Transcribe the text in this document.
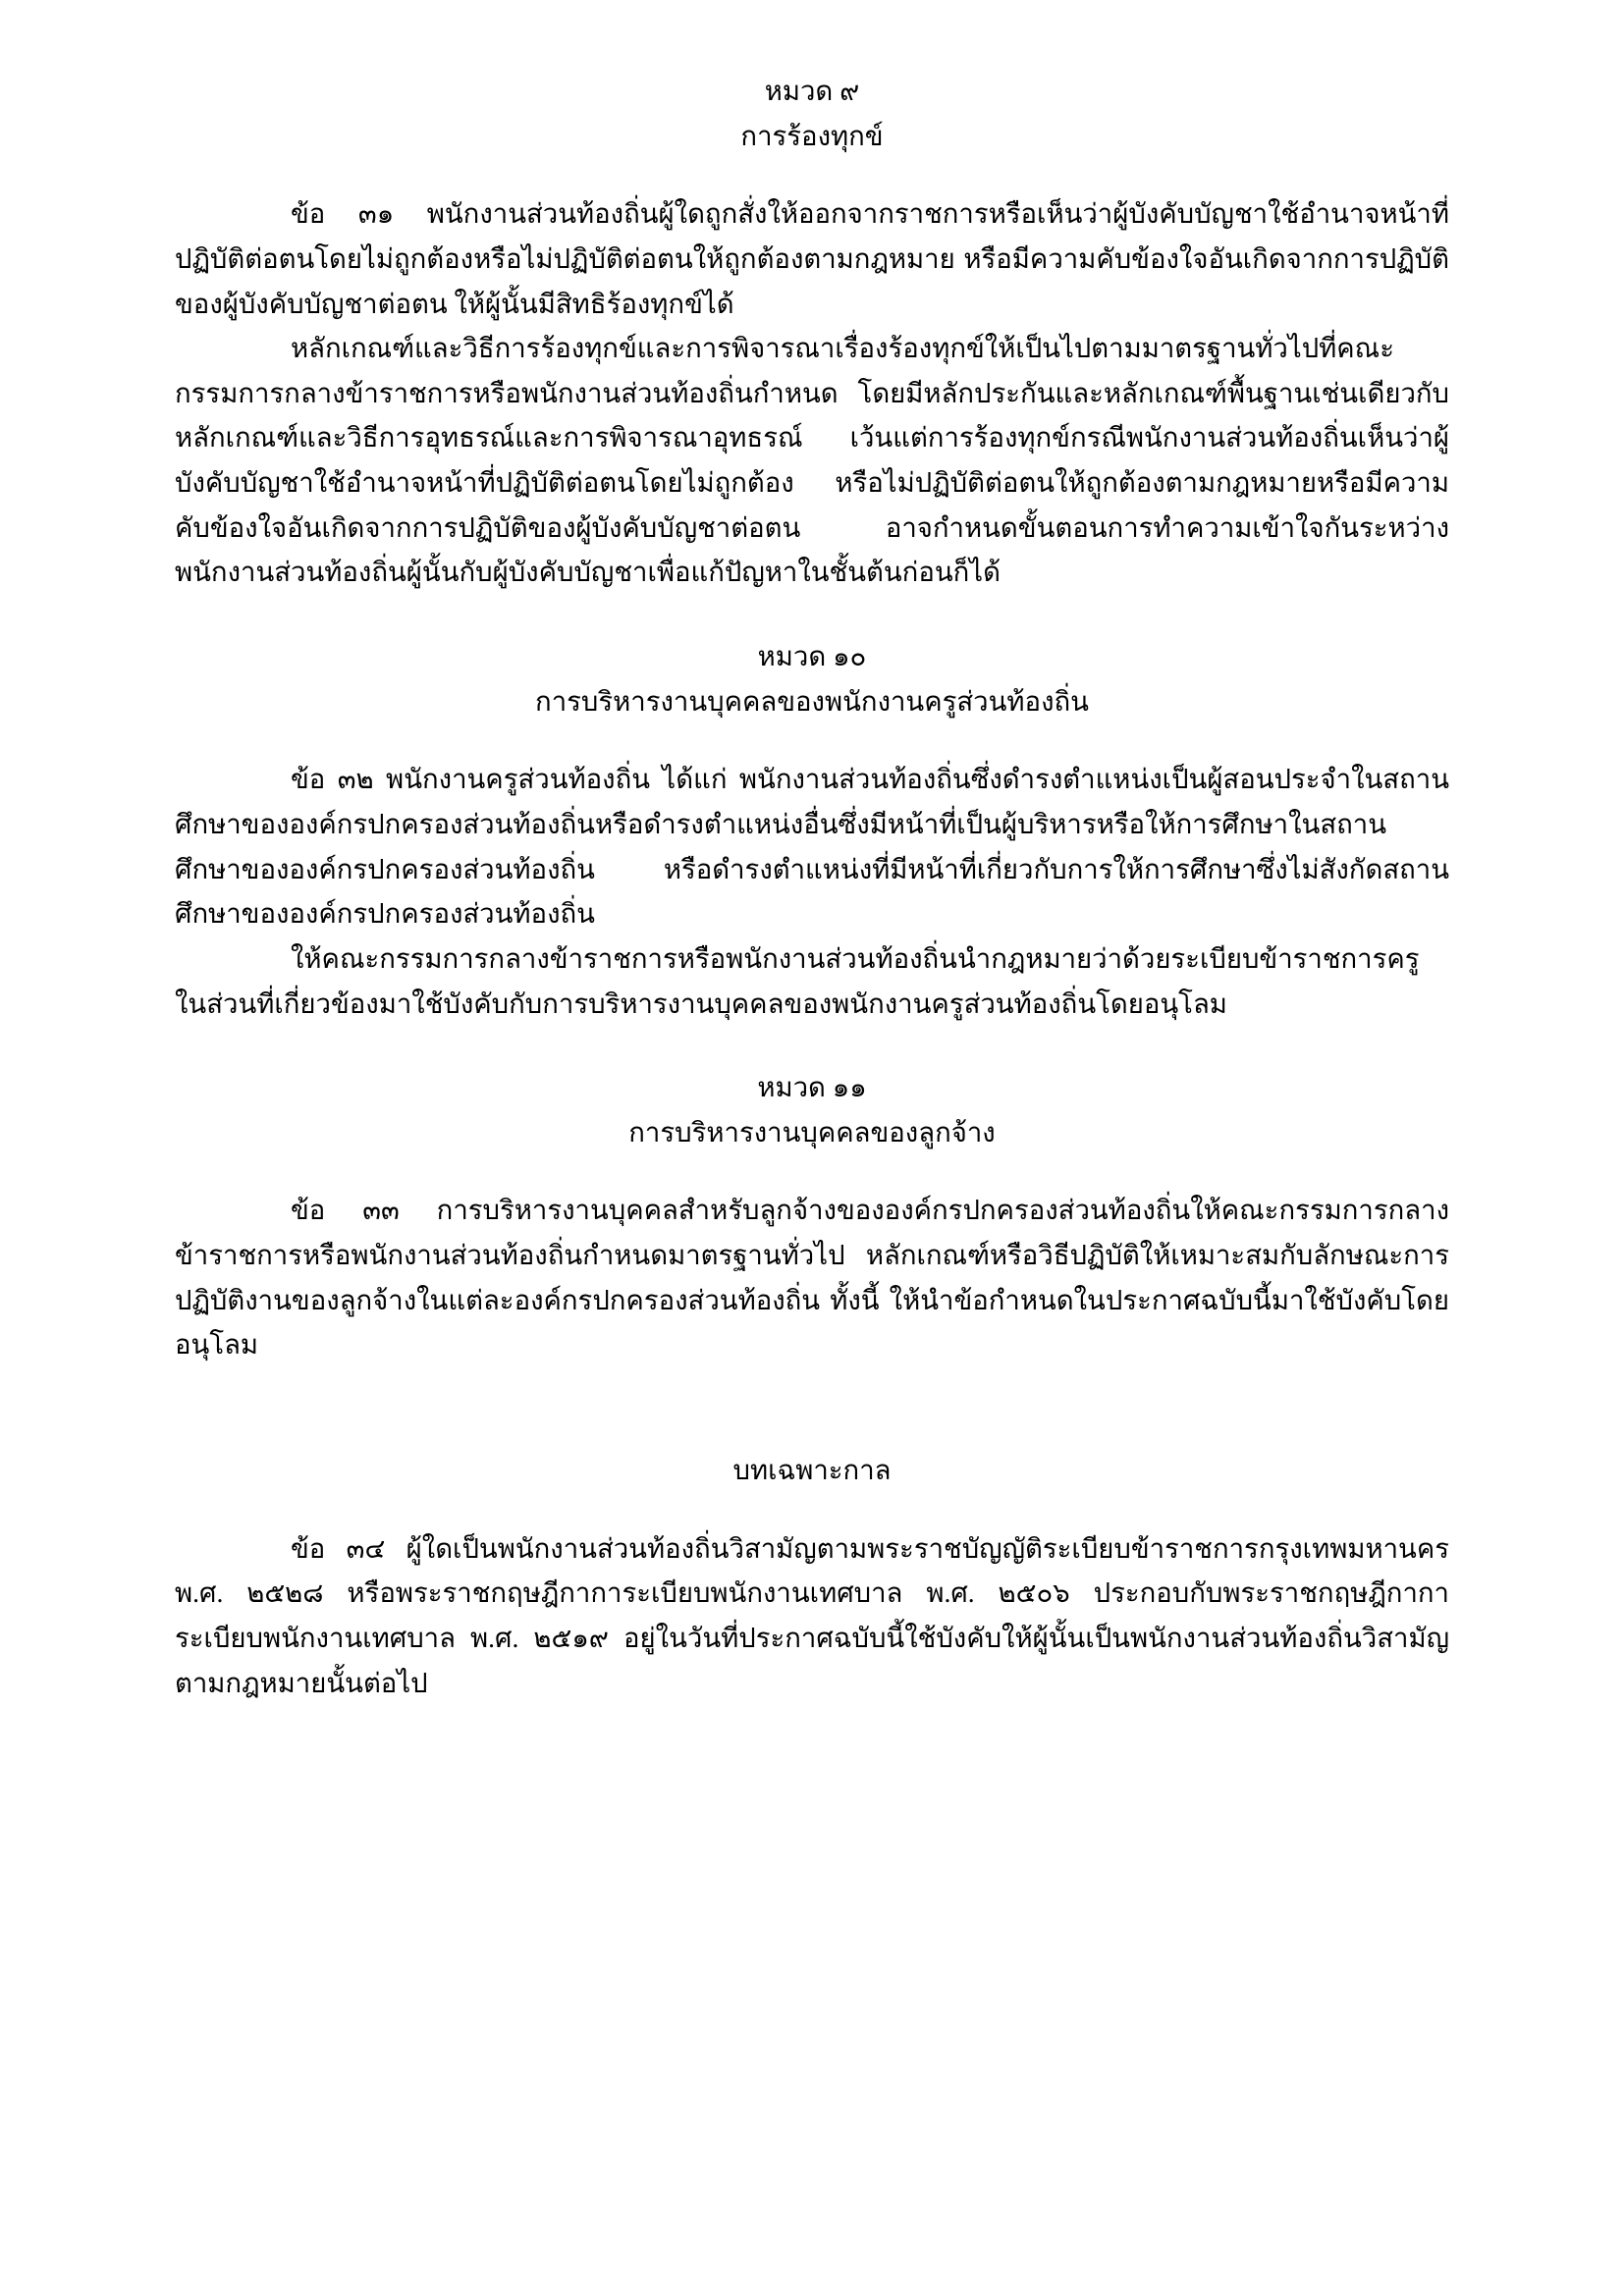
หมวด ๙
การร้องทุกข์

ข้อ ๓๑ พนักงานส่วนท้องถิ่นผู้ใดถูกสั่งให้ออกจากราชการหรือเห็นว่าผู้บังคับบัญชาใช้อำนาจหน้าที่ปฏิบัติต่อตนโดยไม่ถูกต้องหรือไม่ปฏิบัติต่อตนให้ถูกต้องตามกฎหมาย หรือมีความคับข้องใจอันเกิดจากการปฏิบัติของผู้บังคับบัญชาต่อตน ให้ผู้นั้นมีสิทธิร้องทุกข์ได้

หลักเกณฑ์และวิธีการร้องทุกข์และการพิจารณาเรื่องร้องทุกข์ให้เป็นไปตามมาตรฐานทั่วไปที่คณะกรรมการกลางข้าราชการหรือพนักงานส่วนท้องถิ่นกำหนด โดยมีหลักประกันและหลักเกณฑ์พื้นฐานเช่นเดียวกับหลักเกณฑ์และวิธีการอุทธรณ์และการพิจารณาอุทธรณ์ เว้นแต่การร้องทุกข์กรณีพนักงานส่วนท้องถิ่นเห็นว่าผู้บังคับบัญชาใช้อำนาจหน้าที่ปฏิบัติต่อตนโดยไม่ถูกต้อง หรือไม่ปฏิบัติต่อตนให้ถูกต้องตามกฎหมายหรือมีความคับข้องใจอันเกิดจากการปฏิบัติของผู้บังคับบัญชาต่อตน อาจกำหนดขั้นตอนการทำความเข้าใจกันระหว่างพนักงานส่วนท้องถิ่นผู้นั้นกับผู้บังคับบัญชาเพื่อแก้ปัญหาในชั้นต้นก่อนก็ได้

หมวด ๑๐
การบริหารงานบุคคลของพนักงานครูส่วนท้องถิ่น

ข้อ ๓๒ พนักงานครูส่วนท้องถิ่น ได้แก่ พนักงานส่วนท้องถิ่นซึ่งดำรงตำแหน่งเป็นผู้สอนประจำในสถานศึกษาขององค์กรปกครองส่วนท้องถิ่นหรือดำรงตำแหน่งอื่นซึ่งมีหน้าที่เป็นผู้บริหารหรือให้การศึกษาในสถานศึกษาขององค์กรปกครองส่วนท้องถิ่น หรือดำรงตำแหน่งที่มีหน้าที่เกี่ยวกับการให้การศึกษาซึ่งไม่สังกัดสถานศึกษาขององค์กรปกครองส่วนท้องถิ่น

ให้คณะกรรมการกลางข้าราชการหรือพนักงานส่วนท้องถิ่นนำกฎหมายว่าด้วยระเบียบข้าราชการครูในส่วนที่เกี่ยวข้องมาใช้บังคับกับการบริหารงานบุคคลของพนักงานครูส่วนท้องถิ่นโดยอนุโลม

หมวด ๑๑
การบริหารงานบุคคลของลูกจ้าง

ข้อ ๓๓ การบริหารงานบุคคลสำหรับลูกจ้างขององค์กรปกครองส่วนท้องถิ่นให้คณะกรรมการกลางข้าราชการหรือพนักงานส่วนท้องถิ่นกำหนดมาตรฐานทั่วไป หลักเกณฑ์หรือวิธีปฏิบัติให้เหมาะสมกับลักษณะการปฏิบัติงานของลูกจ้างในแต่ละองค์กรปกครองส่วนท้องถิ่น ทั้งนี้ ให้นำข้อกำหนดในประกาศฉบับนี้มาใช้บังคับโดยอนุโลม

บทเฉพาะกาล

ข้อ ๓๔ ผู้ใดเป็นพนักงานส่วนท้องถิ่นวิสามัญตามพระราชบัญญัติระเบียบข้าราชการกรุงเทพมหานคร พ.ศ. ๒๕๒๘ หรือพระราชกฤษฎีกาการะเบียบพนักงานเทศบาล พ.ศ. ๒๕๐๖ ประกอบกับพระราชกฤษฎีกาการะเบียบพนักงานเทศบาล พ.ศ. ๒๕๑๙ อยู่ในวันที่ประกาศฉบับนี้ใช้บังคับให้ผู้นั้นเป็นพนักงานส่วนท้องถิ่นวิสามัญตามกฎหมายนั้นต่อไป
